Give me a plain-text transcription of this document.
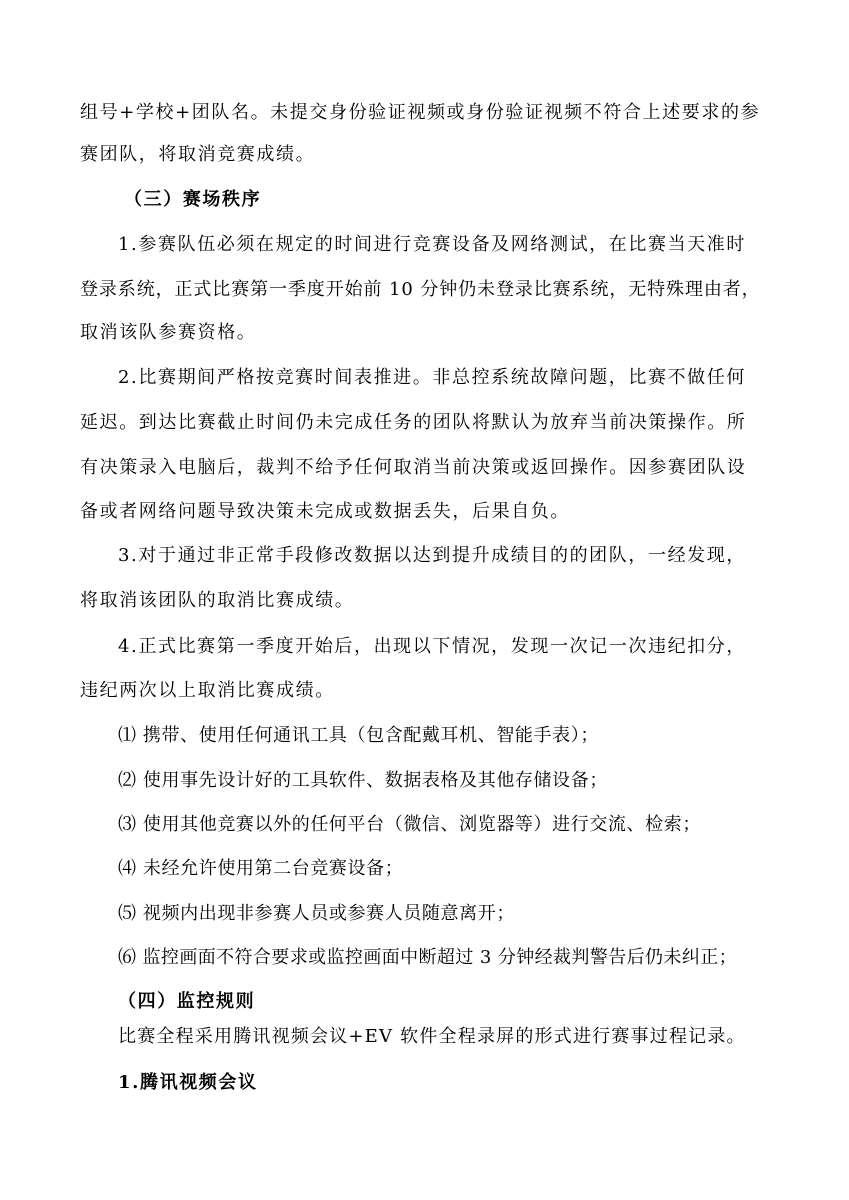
组号+学校+团队名。未提交身份验证视频或身份验证视频不符合上述要求的参
赛团队，将取消竞赛成绩。
（三）赛场秩序
1.参赛队伍必须在规定的时间进行竞赛设备及网络测试，在比赛当天准时
登录系统，正式比赛第一季度开始前 10 分钟仍未登录比赛系统，无特殊理由者，
取消该队参赛资格。
2.比赛期间严格按竞赛时间表推进。非总控系统故障问题，比赛不做任何
延迟。到达比赛截止时间仍未完成任务的团队将默认为放弃当前决策操作。所
有决策录入电脑后，裁判不给予任何取消当前决策或返回操作。因参赛团队设
备或者网络问题导致决策未完成或数据丢失，后果自负。
3.对于通过非正常手段修改数据以达到提升成绩目的的团队，一经发现，
将取消该团队的取消比赛成绩。
4.正式比赛第一季度开始后，出现以下情况，发现一次记一次违纪扣分，
违纪两次以上取消比赛成绩。
⑴ 携带、使用任何通讯工具（包含配戴耳机、智能手表）；
⑵ 使用事先设计好的工具软件、数据表格及其他存储设备；
⑶ 使用其他竞赛以外的任何平台（微信、浏览器等）进行交流、检索；
⑷ 未经允许使用第二台竞赛设备；
⑸ 视频内出现非参赛人员或参赛人员随意离开；
⑹ 监控画面不符合要求或监控画面中断超过 3 分钟经裁判警告后仍未纠正；
（四）监控规则
比赛全程采用腾讯视频会议+EV 软件全程录屏的形式进行赛事过程记录。
1.腾讯视频会议
